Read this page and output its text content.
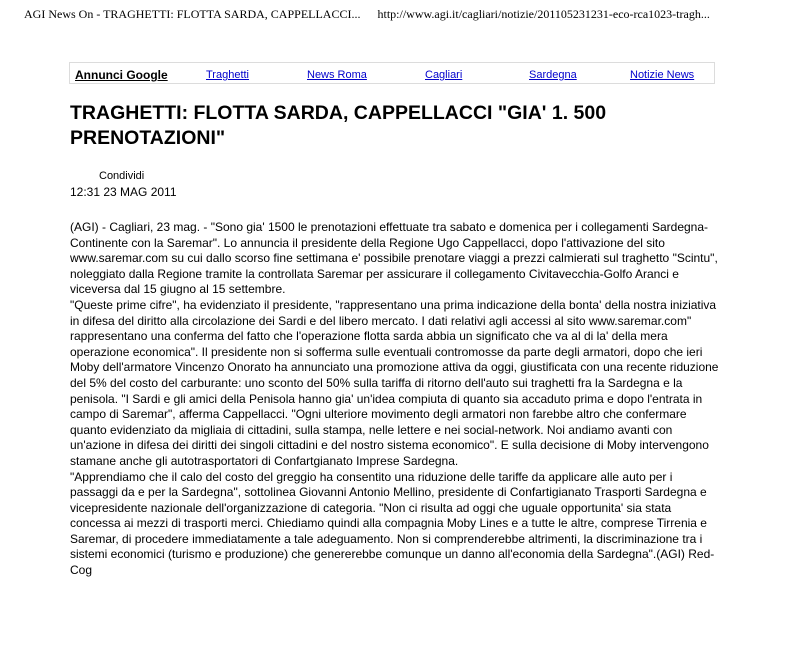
AGI News On - TRAGHETTI: FLOTTA SARDA, CAPPELLACCI... http://www.agi.it/cagliari/notizie/201105231231-eco-rca1023-tragh...
Annunci Google	Traghetti	News Roma	Cagliari	Sardegna	Notizie News
TRAGHETTI: FLOTTA SARDA, CAPPELLACCI "GIA' 1. 500 PRENOTAZIONI"
Condividi
12:31 23 MAG 2011

(AGI) - Cagliari, 23 mag. - "Sono gia' 1500 le prenotazioni effettuate tra sabato e domenica per i collegamenti Sardegna-Continente con la Saremar". Lo annuncia il presidente della Regione Ugo Cappellacci, dopo l'attivazione del sito www.saremar.com su cui dallo scorso fine settimana e' possibile prenotare viaggi a prezzi calmierati sul traghetto "Scintu", noleggiato dalla Regione tramite la controllata Saremar per assicurare il collegamento Civitavecchia-Golfo Aranci e viceversa dal 15 giugno al 15 settembre.

"Queste prime cifre", ha evidenziato il presidente, "rappresentano una prima indicazione della bonta' della nostra iniziativa in difesa del diritto alla circolazione dei Sardi e del libero mercato. I dati relativi agli accessi al sito www.saremar.com" rappresentano una conferma del fatto che l'operazione flotta sarda abbia un significato che va al di la' della mera operazione economica". Il presidente non si sofferma sulle eventuali contromosse da parte degli armatori, dopo che ieri Moby dell'armatore Vincenzo Onorato ha annunciato una promozione attiva da oggi, giustificata con una recente riduzione del 5% del costo del carburante: uno sconto del 50% sulla tariffa di ritorno dell'auto sui traghetti fra la Sardegna e la penisola. "I Sardi e gli amici della Penisola hanno gia' un'idea compiuta di quanto sia accaduto prima e dopo l'entrata in campo di Saremar", afferma Cappellacci. "Ogni ulteriore movimento degli armatori non farebbe altro che confermare quanto evidenziato da migliaia di cittadini, sulla stampa, nelle lettere e nei social-network. Noi andiamo avanti con un'azione in difesa dei diritti dei singoli cittadini e del nostro sistema economico". E sulla decisione di Moby intervengono stamane anche gli autotrasportatori di Confartgianato Imprese Sardegna.

"Apprendiamo che il calo del costo del greggio ha consentito una riduzione delle tariffe da applicare alle auto per i passaggi da e per la Sardegna", sottolinea Giovanni Antonio Mellino, presidente di Confartigianato Trasporti Sardegna e vicepresidente nazionale dell'organizzazione di categoria. "Non ci risulta ad oggi che uguale opportunita' sia stata concessa ai mezzi di trasporti merci. Chiediamo quindi alla compagnia Moby Lines e a tutte le altre, comprese Tirrenia e Saremar, di procedere immediatamente a tale adeguamento. Non si comprenderebbe altrimenti, la discriminazione tra i sistemi economici (turismo e produzione) che genererebbe comunque un danno all'economia della Sardegna".(AGI) Red-Cog
